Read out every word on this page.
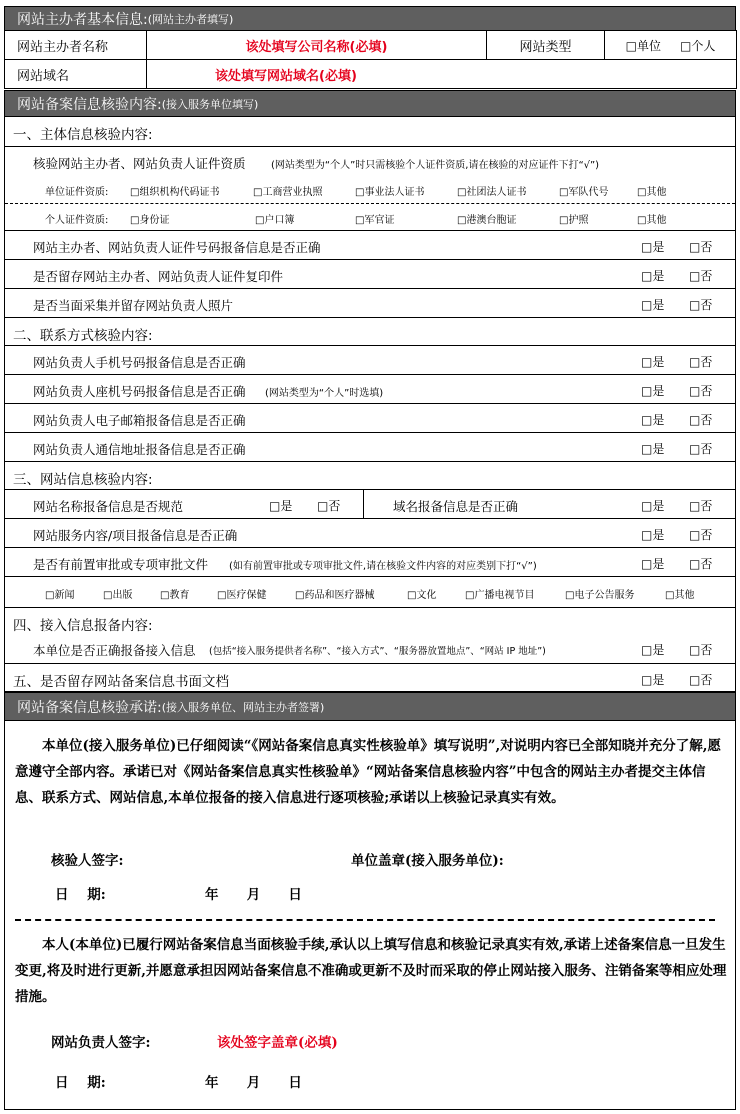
网站主办者基本信息: (网站主办者填写)
网站主办者名称	该处填写公司名称(必填)	网站类型	□单位 □个人
网站域名	该处填写网站域名(必填)		
网站备案信息核验内容: (接入服务单位填写)
一、主体信息核验内容:
核验网站主办者、网站负责人证件资质	(网站类型为“个人”时只需核验个人证件资质,请在核验的对应证件下打“√”)
单位证件资质: □组织机构代码证书	□工商营业执照	□事业法人证书	□社团法人证书	□军队代号	□其他
个人证件资质: □身份证	□户口簿	□军官证	□港澳台胞证	□护照	□其他
网站主办者、网站负责人证件号码报备信息是否正确	□是 □否
是否留存网站主办者、网站负责人证件复印件	□是 □否
是否当面采集并留存网站负责人照片	□是 □否
二、联系方式核验内容:
网站负责人手机号码报备信息是否正确	□是 □否
网站负责人座机号码报备信息是否正确 (网站类型为“个人”时选填)	□是 □否
网站负责人电子邮箱报备信息是否正确	□是 □否
网站负责人通信地址报备信息是否正确	□是 □否
三、网站信息核验内容:
网站名称报备信息是否规范	□是 □否	域名报备信息是否正确	□是 □否
网站服务内容/项目报备信息是否正确	□是 □否
是否有前置审批或专项审批文件 (如有前置审批或专项审批文件,请在核验文件内容的对应类别下打“√”)	□是 □否
□新闻	□出版	□教育	□医疗保健	□药品和医疗器械	□文化	□广播电视节目	□电子公告服务	□其他
四、接入信息报备内容:
本单位是否正确报备接入信息 (包括“接入服务提供者名称”、“接入方式”、“服务器放置地点”、“网站 IP 地址”)	□是 □否
五、是否留存网站备案信息书面文档	□是 □否
网站备案信息核验承诺: (接入服务单位、网站主办者签署)

本单位(接入服务单位)已仔细阅读“《网站备案信息真实性核验单》填写说明”,对说明内容已全部知晓并充分了解,愿意遵守全部内容。承诺已对《网站备案信息真实性核验单》“网站备案信息核验内容”中包含的网站主办者提交主体信息、联系方式、网站信息,本单位报备的接入信息进行逐项核验;承诺以上核验记录真实有效。

核验人签字:	单位盖章(接入服务单位):
日    期:	年      月      日

本人(本单位)已履行网站备案信息当面核验手续,承认以上填写信息和核验记录真实有效,承诺上述备案信息一旦发生变更,将及时进行更新,并愿意承担因网站备案信息不准确或更新不及时而采取的停止网站接入服务、注销备案等相应处理措施。

网站负责人签字:	该处签字盖章(必填)
日    期:	年      月      日
